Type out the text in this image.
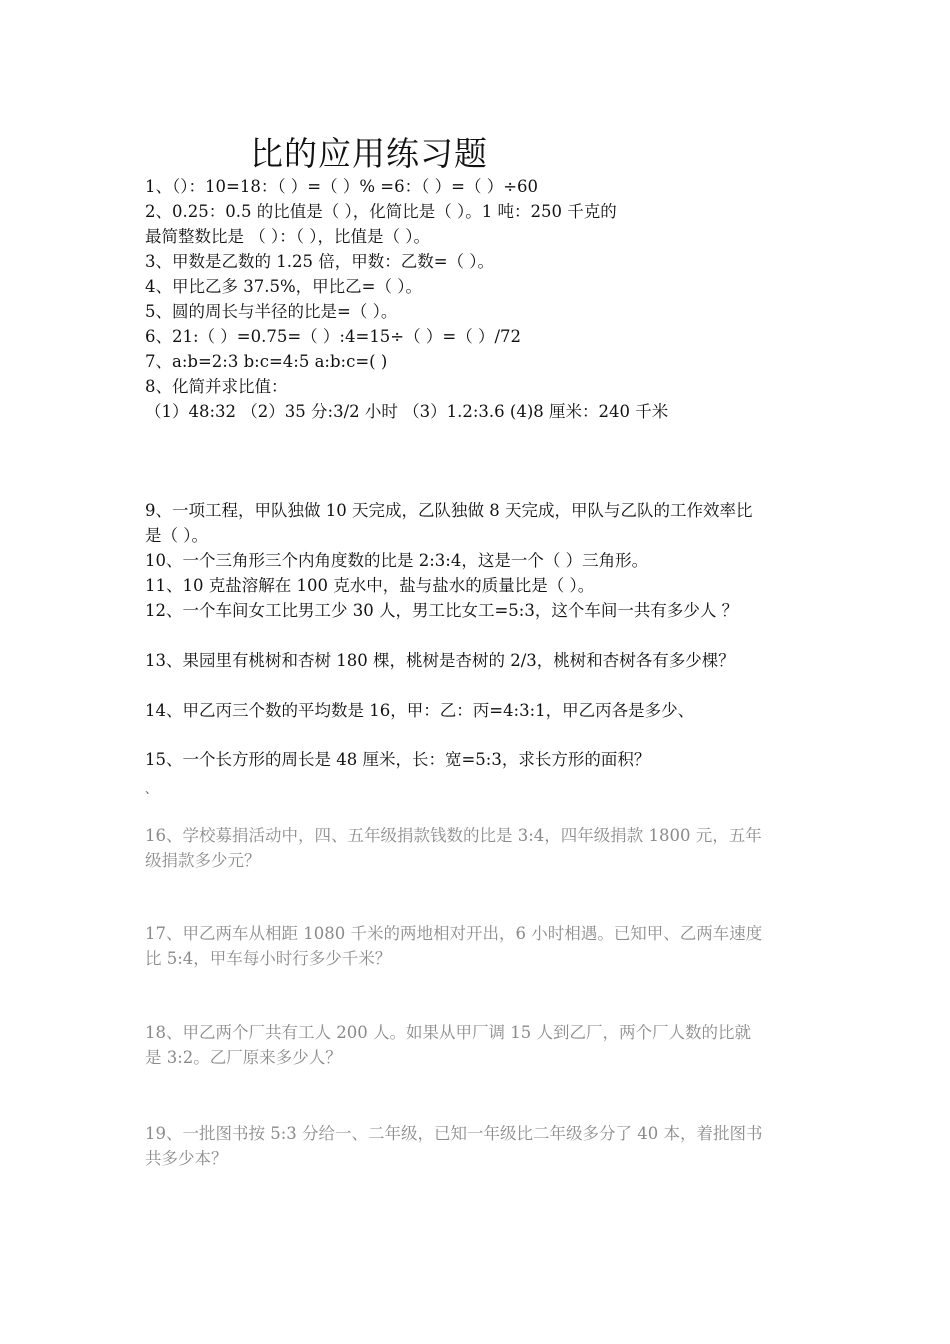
比的应用练习题
1、（）：10=18：（ ）=（ ）% =6：（ ）=（ ）÷60
2、0.25：0.5 的比值是（ ），化简比是（ ）。1 吨：250 千克的
最简整数比是 （ ）：（ ），比值是（ ）。
3、甲数是乙数的 1.25 倍，甲数：乙数=（ ）。
4、甲比乙多 37.5%，甲比乙=（ ）。
5、圆的周长与半径的比是=（ ）。
6、21:（ ）=0.75=（ ）:4=15÷（ ）=（ ）/72
7、a:b=2:3 b:c=4:5 a:b:c=( )
8、化简并求比值：
（1）48:32 （2）35 分:3/2 小时 （3）1.2:3.6 (4)8 厘米：240 千米
9、一项工程，甲队独做 10 天完成，乙队独做 8 天完成，甲队与乙队的工作效率比
是（ ）。
10、一个三角形三个内角度数的比是 2:3:4，这是一个（ ）三角形。
11、10 克盐溶解在 100 克水中，盐与盐水的质量比是（ ）。
12、一个车间女工比男工少 30 人，男工比女工=5:3，这个车间一共有多少人 ？
13、果园里有桃树和杏树 180 棵，桃树是杏树的 2/3，桃树和杏树各有多少棵？
14、甲乙丙三个数的平均数是 16，甲：乙：丙=4:3:1，甲乙丙各是多少、
15、一个长方形的周长是 48 厘米，长：宽=5:3，求长方形的面积？
、
16、学校募捐活动中，四、五年级捐款钱数的比是 3:4，四年级捐款 1800 元，五年
级捐款多少元？
17、甲乙两车从相距 1080 千米的两地相对开出，6 小时相遇。已知甲、乙两车速度
比 5:4，甲车每小时行多少千米？
18、甲乙两个厂共有工人 200 人。如果从甲厂调 15 人到乙厂，两个厂人数的比就
是 3:2。乙厂原来多少人？
19、一批图书按 5:3 分给一、二年级，已知一年级比二年级多分了 40 本，着批图书
共多少本？
